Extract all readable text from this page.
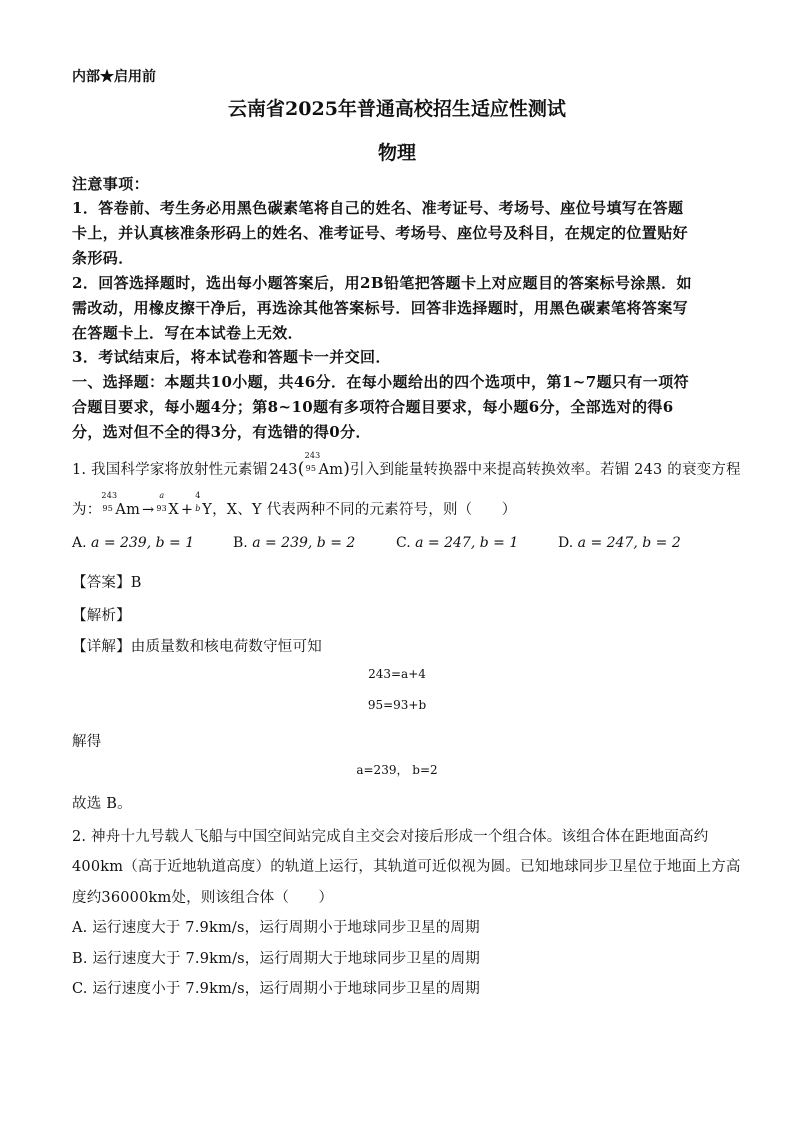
内部★启用前
云南省2025年普通高校招生适应性测试
物理
注意事项：
1．答卷前、考生务必用黑色碳素笔将自己的姓名、准考证号、考场号、座位号填写在答题
卡上，并认真核准条形码上的姓名、准考证号、考场号、座位号及科目，在规定的位置贴好
条形码．
2．回答选择题时，选出每小题答案后，用2B铅笔把答题卡上对应题目的答案标号涂黑．如
需改动，用橡皮擦干净后，再选涂其他答案标号．回答非选择题时，用黑色碳素笔将答案写
在答题卡上．写在本试卷上无效．
3．考试结束后，将本试卷和答题卡一并交回．
一、选择题：本题共10小题，共46分．在每小题给出的四个选项中，第1~7题只有一项符
合题目要求，每小题4分；第8~10题有多项符合题目要求，每小题6分，全部选对的得6
分，选对但不全的得3分，有选错的得0分．
1. 我国科学家将放射性元素镅 243(
243
95 Am)引入到能量转换器中来提高转换效率。若镅 243 的衰变方程
为：
243
95 Am →
a
93 X +
4
b Y，X、Y 代表两种不同的元素符号，则（　　）
A. a = 239, b = 1	B. a = 239, b = 2	C. a = 247, b = 1	D. a = 247, b = 2
【答案】B
【解析】
【详解】由质量数和核电荷数守恒可知
243=a+4
95=93+b
解得
a=239， b=2
故选 B。
2. 神舟十九号载人飞船与中国空间站完成自主交会对接后形成一个组合体。该组合体在距地面高约
400km（高于近地轨道高度）的轨道上运行，其轨道可近似视为圆。已知地球同步卫星位于地面上方高
度约36000km处，则该组合体（　　）
A. 运行速度大于 7.9km/s，运行周期小于地球同步卫星的周期
B. 运行速度大于 7.9km/s，运行周期大于地球同步卫星的周期
C. 运行速度小于 7.9km/s，运行周期小于地球同步卫星的周期
